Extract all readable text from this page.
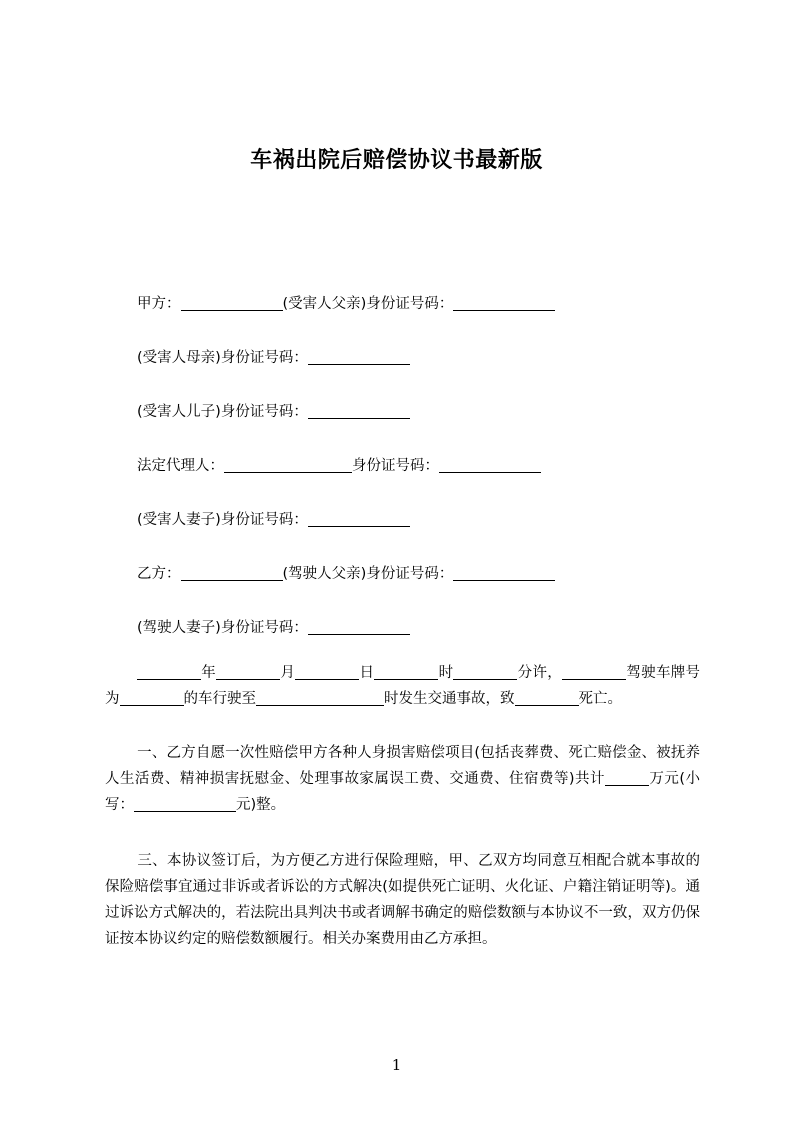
车祸出院后赔偿协议书最新版
甲方：	(受害人父亲)身份证号码：
(受害人母亲)身份证号码：
(受害人儿子)身份证号码：
法定代理人：	身份证号码：
(受害人妻子)身份证号码：
乙方：	(驾驶人父亲)身份证号码：
(驾驶人妻子)身份证号码：
年	月	日	时	分许，	驾驶车牌号为	的车行驶至	时发生交通事故，致	死亡。
一、乙方自愿一次性赔偿甲方各种人身损害赔偿项目(包括丧葬费、死亡赔偿金、被抚养人生活费、精神损害抚慰金、处理事故家属误工费、交通费、住宿费等)共计	万元(小写：	元)整。
三、本协议签订后，为方便乙方进行保险理赔，甲、乙双方均同意互相配合就本事故的保险赔偿事宜通过非诉或者诉讼的方式解决(如提供死亡证明、火化证、户籍注销证明等)。通过诉讼方式解决的，若法院出具判决书或者调解书确定的赔偿数额与本协议不一致，双方仍保证按本协议约定的赔偿数额履行。相关办案费用由乙方承担。
1
